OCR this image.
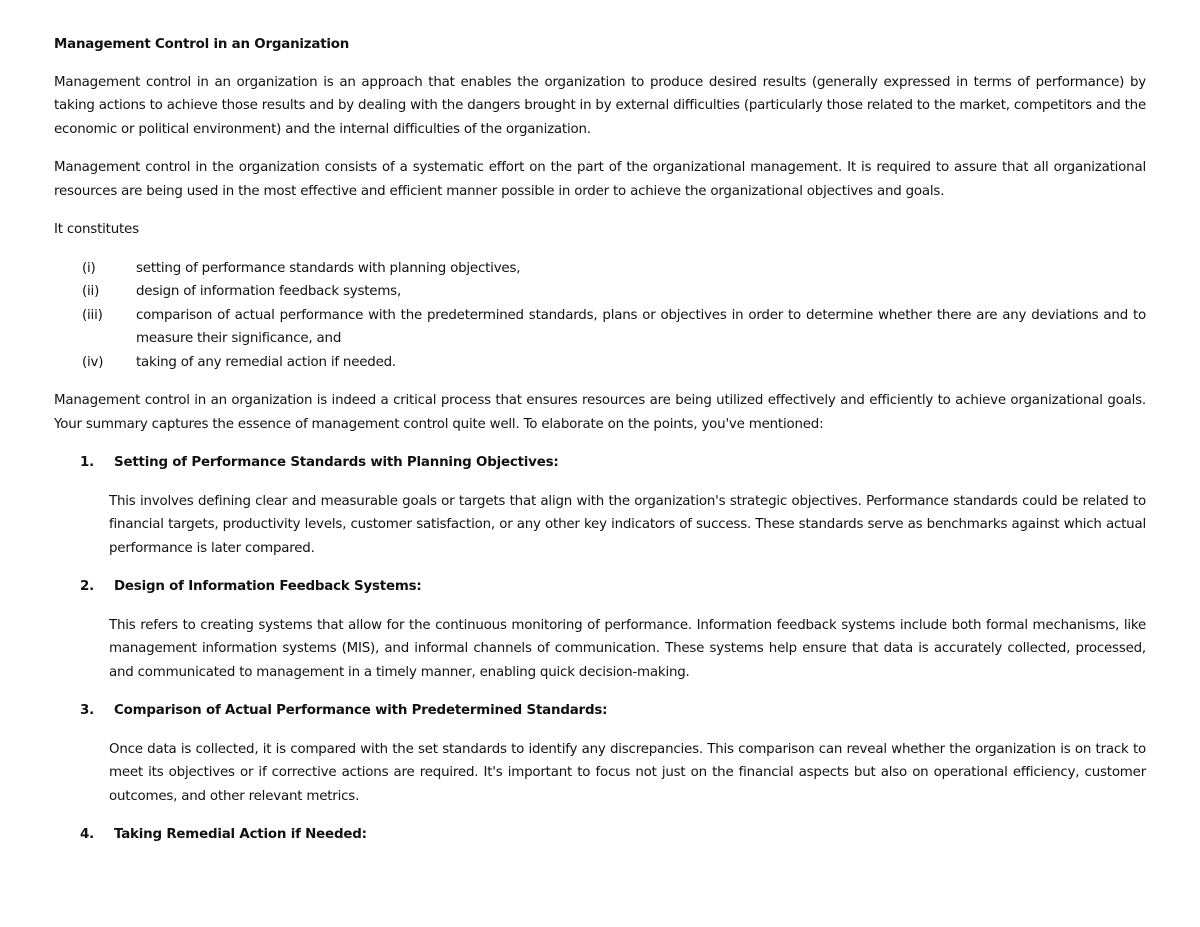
Management Control in an Organization

Management control in an organization is an approach that enables the organization to produce desired results (generally expressed in terms of performance) by taking actions to achieve those results and by dealing with the dangers brought in by external difficulties (particularly those related to the market, competitors and the economic or political environment) and the internal difficulties of the organization.

Management control in the organization consists of a systematic effort on the part of the organizational management. It is required to assure that all organizational resources are being used in the most effective and efficient manner possible in order to achieve the organizational objectives and goals.

It constitutes

(i)	setting of performance standards with planning objectives,
(ii)	design of information feedback systems,
(iii)	comparison of actual performance with the predetermined standards, plans or objectives in order to determine whether there are any deviations and to measure their significance, and
(iv)	taking of any remedial action if needed.

Management control in an organization is indeed a critical process that ensures resources are being utilized effectively and efficiently to achieve organizational goals. Your summary captures the essence of management control quite well. To elaborate on the points, you've mentioned:

1.	Setting of Performance Standards with Planning Objectives:

This involves defining clear and measurable goals or targets that align with the organization's strategic objectives. Performance standards could be related to financial targets, productivity levels, customer satisfaction, or any other key indicators of success. These standards serve as benchmarks against which actual performance is later compared.

2.	Design of Information Feedback Systems:

This refers to creating systems that allow for the continuous monitoring of performance. Information feedback systems include both formal mechanisms, like management information systems (MIS), and informal channels of communication. These systems help ensure that data is accurately collected, processed, and communicated to management in a timely manner, enabling quick decision-making.

3.	Comparison of Actual Performance with Predetermined Standards:

Once data is collected, it is compared with the set standards to identify any discrepancies. This comparison can reveal whether the organization is on track to meet its objectives or if corrective actions are required. It's important to focus not just on the financial aspects but also on operational efficiency, customer outcomes, and other relevant metrics.

4.	Taking Remedial Action if Needed:
